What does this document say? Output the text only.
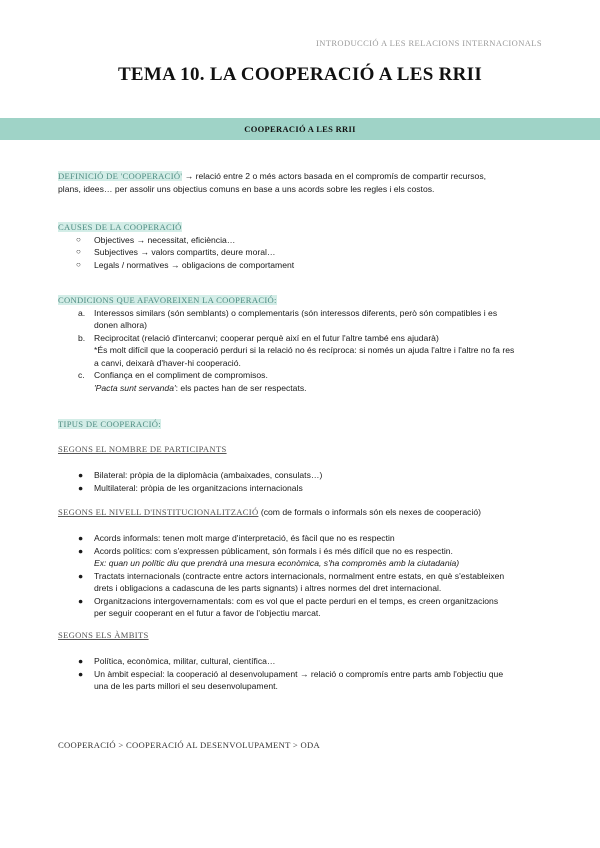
INTRODUCCIÓ A LES RELACIONS INTERNACIONALS
TEMA 10. LA COOPERACIÓ A LES RRII
COOPERACIÓ A LES RRII
DEFINICIÓ DE 'COOPERACIÓ' → relació entre 2 o més actors basada en el compromís de compartir recursos,
plans, idees… per assolir uns objectius comuns en base a uns acords sobre les regles i els costos.
CAUSES DE LA COOPERACIÓ
○ Objectives → necessitat, eficiència…
○ Subjectives → valors compartits, deure moral…
○ Legals / normatives → obligacions de comportament
CONDICIONS QUE AFAVOREIXEN LA COOPERACIÓ:
a. Interessos similars (són semblants) o complementaris (són interessos diferents, però són compatibles i es
donen alhora)
b. Reciprocitat (relació d'intercanvi; cooperar perquè així en el futur l'altre també ens ajudarà)
*És molt difícil que la cooperació perduri si la relació no és recíproca: si només un ajuda l'altre i l'altre no fa res
a canvi, deixarà d'haver-hi cooperació.
c. Confiança en el compliment de compromisos.
'Pacta sunt servanda': els pactes han de ser respectats.
TIPUS DE COOPERACIÓ:
SEGONS EL NOMBRE DE PARTICIPANTS
● Bilateral: pròpia de la diplomàcia (ambaixades, consulats…)
● Multilateral: pròpia de les organitzacions internacionals
SEGONS EL NIVELL D'INSTITUCIONALITZACIÓ (com de formals o informals són els nexes de cooperació)
● Acords informals: tenen molt marge d'interpretació, és fàcil que no es respectin
● Acords polítics: com s'expressen públicament, són formals i és més difícil que no es respectin.
Ex: quan un polític diu que prendrà una mesura econòmica, s'ha compromès amb la ciutadania)
● Tractats internacionals (contracte entre actors internacionals, normalment entre estats, en què s'estableixen
drets i obligacions a cadascuna de les parts signants) i altres normes del dret internacional.
● Organitzacions intergovernamentals: com es vol que el pacte perduri en el temps, es creen organitzacions
per seguir cooperant en el futur a favor de l'objectiu marcat.
SEGONS ELS ÀMBITS
● Política, econòmica, militar, cultural, científica…
● Un àmbit especial: la cooperació al desenvolupament → relació o compromís entre parts amb l'objectiu que
una de les parts millori el seu desenvolupament.
COOPERACIÓ > COOPERACIÓ AL DESENVOLUPAMENT > ODA
